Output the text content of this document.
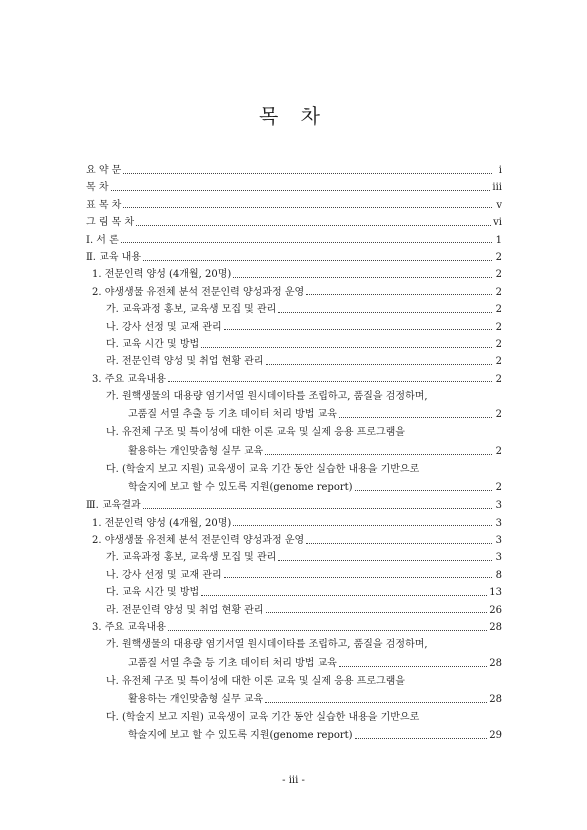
목 차
요 약 문	i
목 차	iii
표 목 차	v
그 림 목 차	vi
Ⅰ. 서 론	1
Ⅱ. 교육 내용	2
1. 전문인력 양성 (4개월, 20명)	2
2. 야생생물 유전체 분석 전문인력 양성과정 운영	2
가. 교육과정 홍보, 교육생 모집 및 관리	2
나. 강사 선정 및 교재 관리	2
다. 교육 시간 및 방법	2
라. 전문인력 양성 및 취업 현황 관리	2
3. 주요 교육내용	2
가. 원핵생물의 대용량 염기서열 원시데이타를 조립하고, 품질을 검정하며,
고품질 서열 추출 등 기초 데이터 처리 방법 교육	2
나. 유전체 구조 및 특이성에 대한 이론 교육 및 실제 응용 프로그램을
활용하는 개인맞춤형 실무 교육	2
다. (학술지 보고 지원) 교육생이 교육 기간 동안 실습한 내용을 기반으로
학술지에 보고 할 수 있도록 지원(genome report)	2
Ⅲ. 교육결과	3
1. 전문인력 양성 (4개월, 20명)	3
2. 야생생물 유전체 분석 전문인력 양성과정 운영	3
가. 교육과정 홍보, 교육생 모집 및 관리	3
나. 강사 선정 및 교재 관리	8
다. 교육 시간 및 방법	13
라. 전문인력 양성 및 취업 현황 관리	26
3. 주요 교육내용	28
가. 원핵생물의 대용량 염기서열 원시데이타를 조립하고, 품질을 검정하며,
고품질 서열 추출 등 기초 데이터 처리 방법 교육	28
나. 유전체 구조 및 특이성에 대한 이론 교육 및 실제 응용 프로그램을
활용하는 개인맞춤형 실무 교육	28
다. (학술지 보고 지원) 교육생이 교육 기간 동안 실습한 내용을 기반으로
학술지에 보고 할 수 있도록 지원(genome report)	29
- iii -
